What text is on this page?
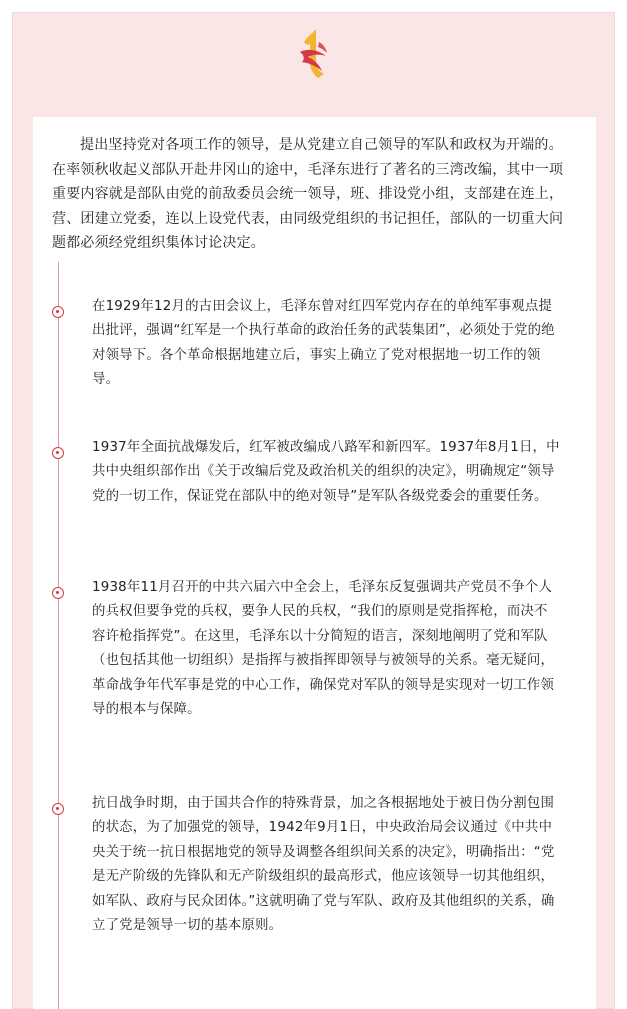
提出坚持党对各项工作的领导，是从党建立自己领导的军队和政权为开端的。在率领秋收起义部队开赴井冈山的途中，毛泽东进行了著名的三湾改编，其中一项重要内容就是部队由党的前敌委员会统一领导，班、排设党小组，支部建在连上，营、团建立党委，连以上设党代表，由同级党组织的书记担任，部队的一切重大问题都必须经党组织集体讨论决定。

在1929年12月的古田会议上，毛泽东曾对红四军党内存在的单纯军事观点提出批评，强调“红军是一个执行革命的政治任务的武装集团”，必须处于党的绝对领导下。各个革命根据地建立后，事实上确立了党对根据地一切工作的领导。

1937年全面抗战爆发后，红军被改编成八路军和新四军。1937年8月1日，中共中央组织部作出《关于改编后党及政治机关的组织的决定》，明确规定“领导党的一切工作，保证党在部队中的绝对领导”是军队各级党委会的重要任务。

1938年11月召开的中共六届六中全会上，毛泽东反复强调共产党员不争个人的兵权但要争党的兵权，要争人民的兵权，“我们的原则是党指挥枪，而决不容许枪指挥党”。在这里，毛泽东以十分简短的语言，深刻地阐明了党和军队（也包括其他一切组织）是指挥与被指挥即领导与被领导的关系。毫无疑问，革命战争年代军事是党的中心工作，确保党对军队的领导是实现对一切工作领导的根本与保障。

抗日战争时期，由于国共合作的特殊背景，加之各根据地处于被日伪分割包围的状态，为了加强党的领导，1942年9月1日，中央政治局会议通过《中共中央关于统一抗日根据地党的领导及调整各组织间关系的决定》，明确指出：“党是无产阶级的先锋队和无产阶级组织的最高形式，他应该领导一切其他组织，如军队、政府与民众团体。”这就明确了党与军队、政府及其他组织的关系，确立了党是领导一切的基本原则。
